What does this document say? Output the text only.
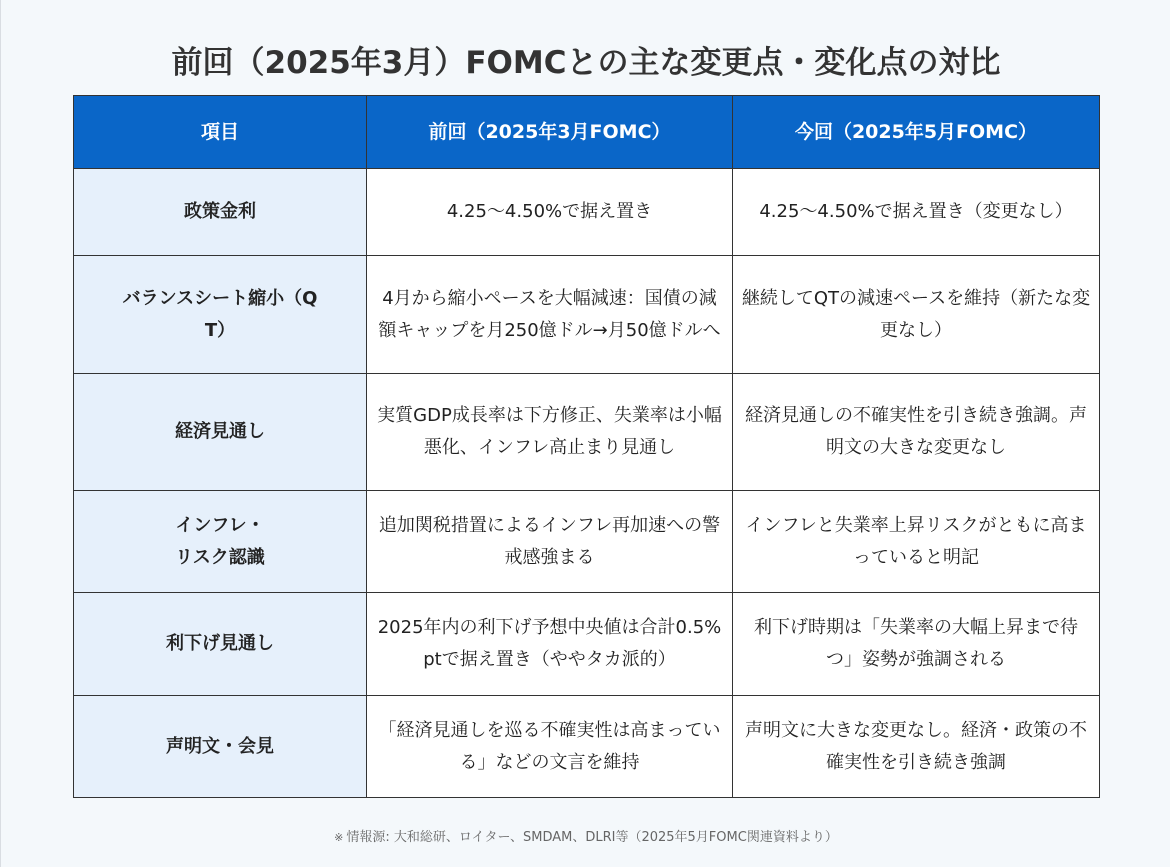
前回（2025年3月）FOMCとの主な変更点・変化点の対比
項目	前回（2025年3月FOMC）	今回（2025年5月FOMC）
政策金利	4.25〜4.50%で据え置き	4.25〜4.50%で据え置き（変更なし）
バランスシート縮小（QT）	4月から縮小ペースを大幅減速：国債の減額キャップを月250億ドル→月50億ドルへ	継続してQTの減速ペースを維持（新たな変更なし）
経済見通し	実質GDP成長率は下方修正、失業率は小幅悪化、インフレ高止まり見通し	経済見通しの不確実性を引き続き強調。声明文の大きな変更なし
インフレ・リスク認識	追加関税措置によるインフレ再加速への警戒感強まる	インフレと失業率上昇リスクがともに高まっていると明記
利下げ見通し	2025年内の利下げ予想中央値は合計0.5%ptで据え置き（ややタカ派的）	利下げ時期は「失業率の大幅上昇まで待つ」姿勢が強調される
声明文・会見	「経済見通しを巡る不確実性は高まっている」などの文言を維持	声明文に大きな変更なし。経済・政策の不確実性を引き続き強調
※ 情報源: 大和総研、ロイター、SMDAM、DLRI等（2025年5月FOMC関連資料より）
